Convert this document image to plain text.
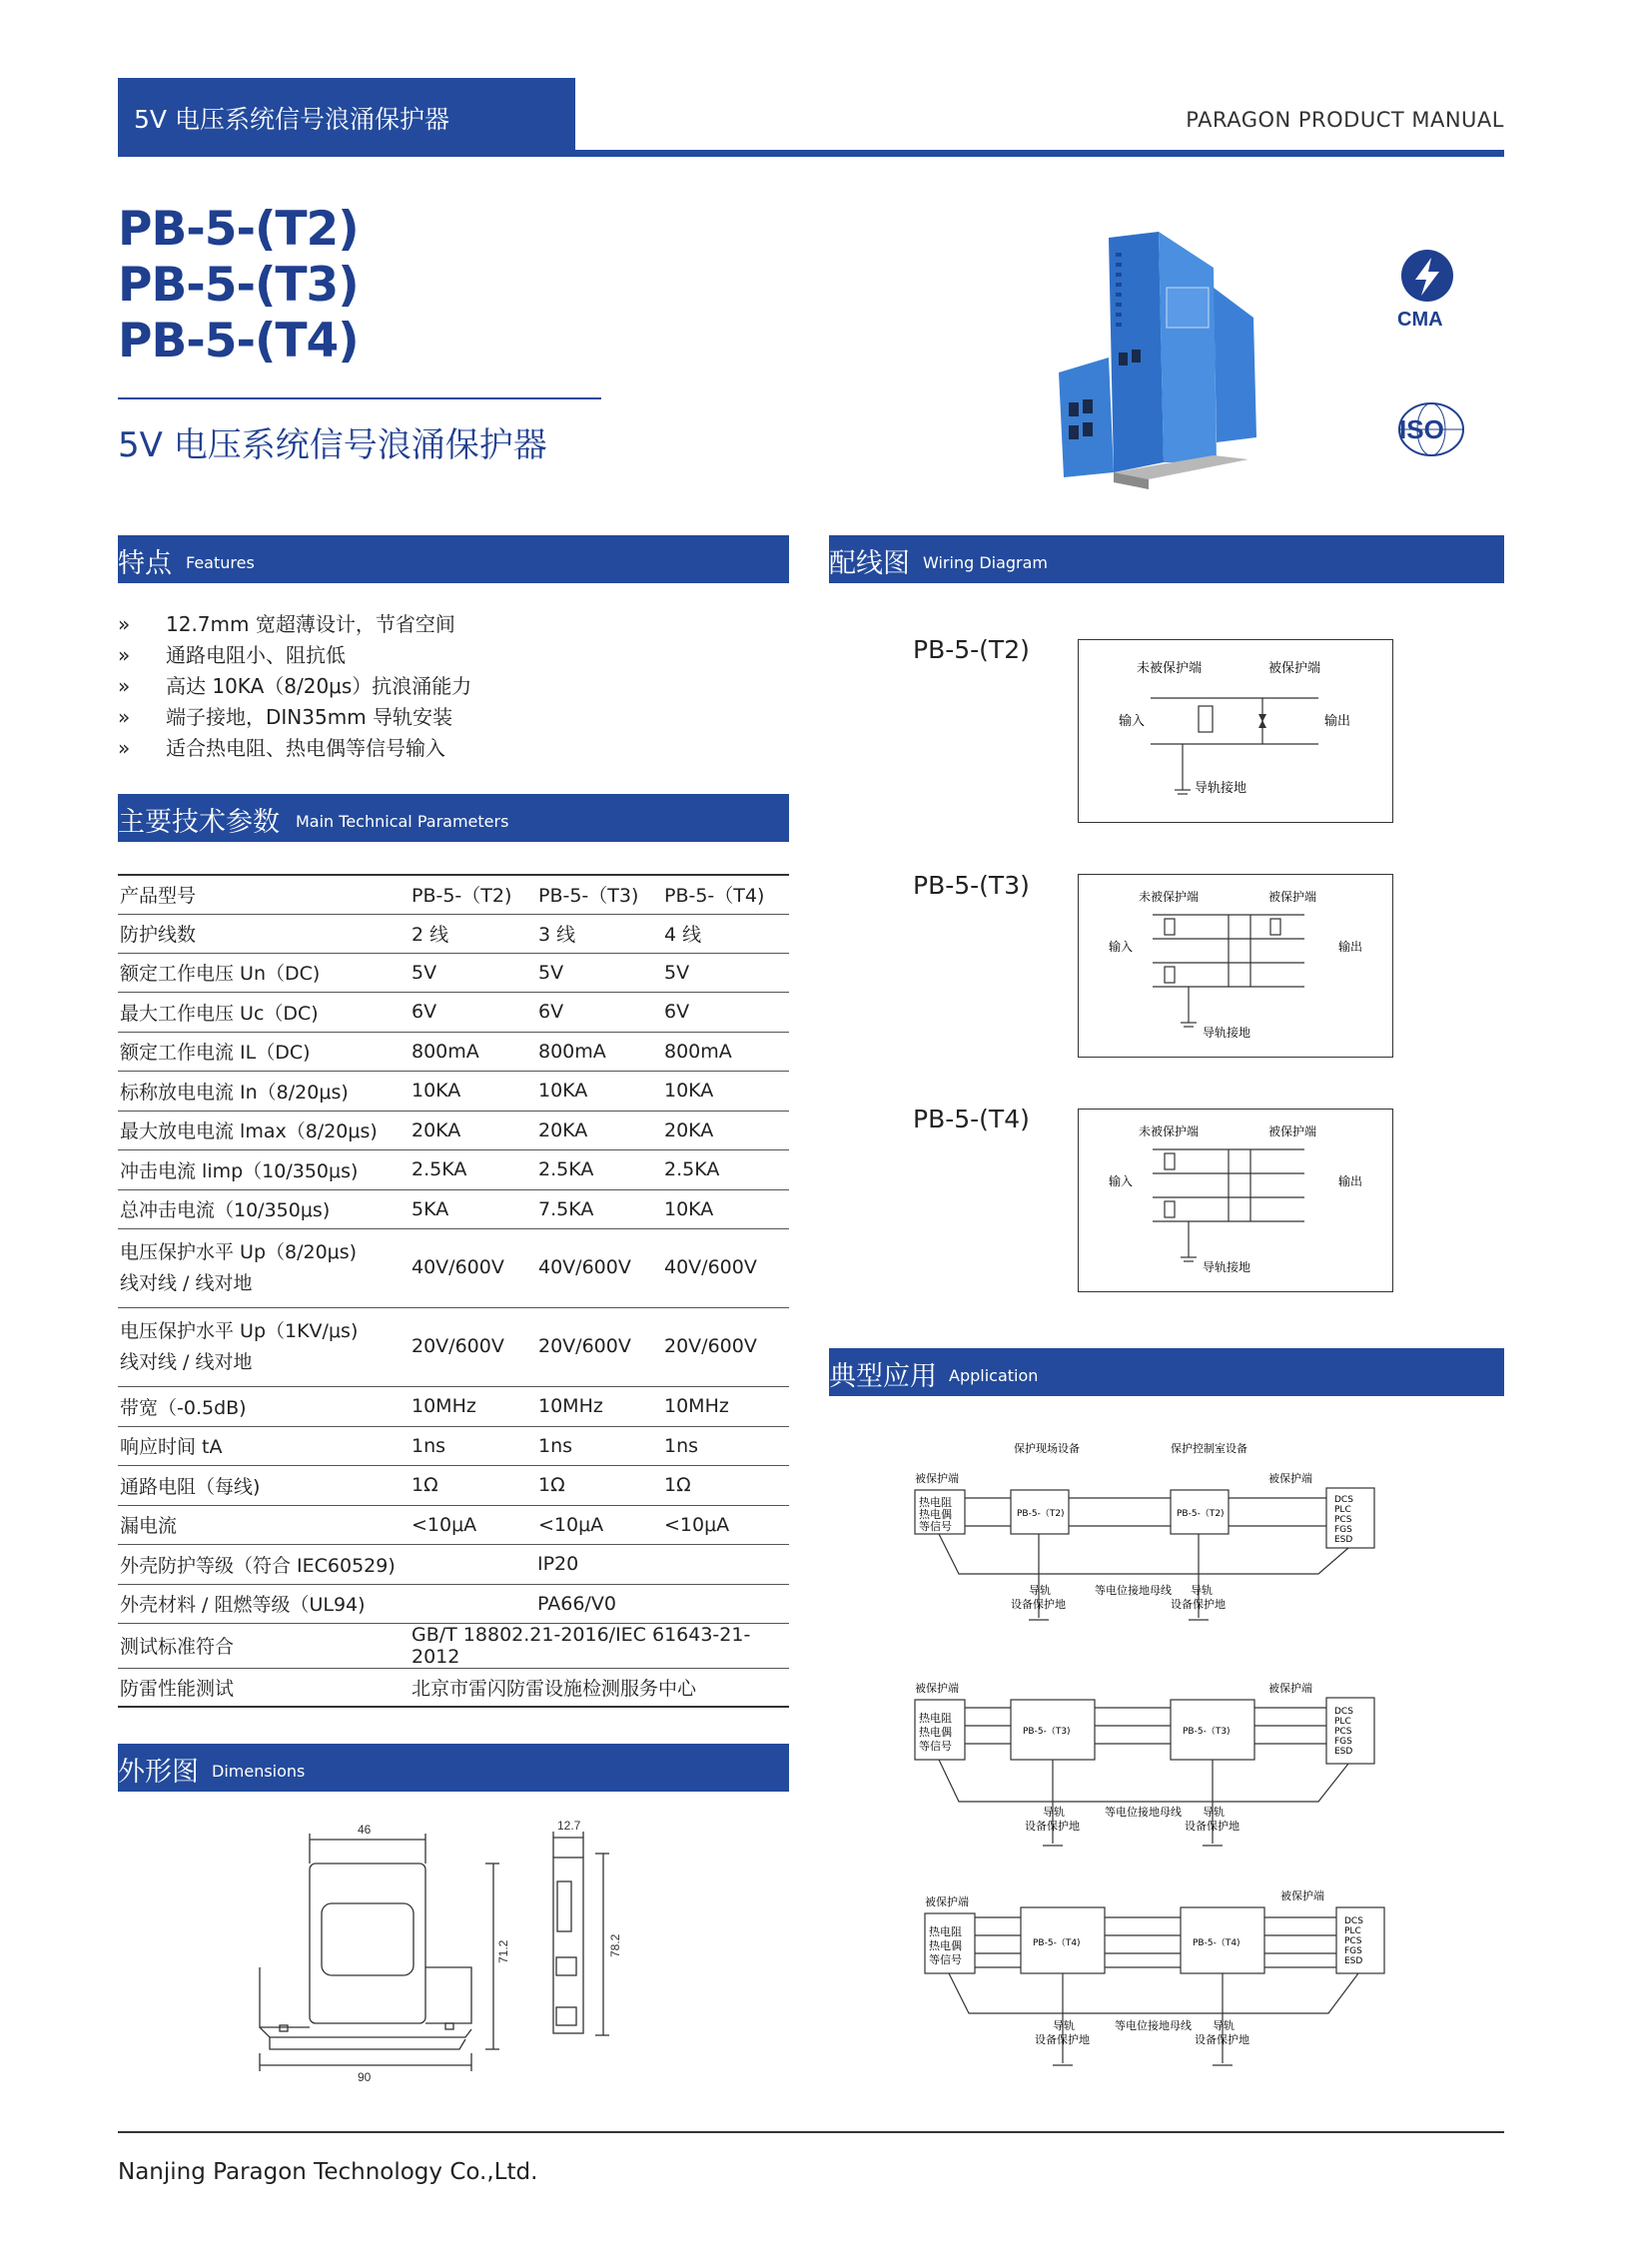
5V 电压系统信号浪涌保护器	PARAGON PRODUCT MANUAL
PB-5-(T2)
PB-5-(T3)
PB-5-(T4)
5V 电压系统信号浪涌保护器
CMA
ISO
特点 Features
»	12.7mm 宽超薄设计，节省空间
»	通路电阻小、阻抗低
»	高达 10KA（8/20μs）抗浪涌能力
»	端子接地，DIN35mm 导轨安装
»	适合热电阻、热电偶等信号输入
主要技术参数 Main Technical Parameters
产品型号	PB-5-（T2)	PB-5-（T3)	PB-5-（T4)
防护线数	2 线	3 线	4 线
额定工作电压 Un（DC)	5V	5V	5V
最大工作电压 Uc（DC)	6V	6V	6V
额定工作电流 IL（DC)	800mA	800mA	800mA
标称放电电流 In（8/20μs)	10KA	10KA	10KA
最大放电电流 lmax（8/20μs)	20KA	20KA	20KA
冲击电流 limp（10/350μs)	2.5KA	2.5KA	2.5KA
总冲击电流（10/350μs)	5KA	7.5KA	10KA

电压保护水平 Up（8/20μs)
线对线 / 线对地	40V/600V	40V/600V	40V/600V

电压保护水平 Up（1KV/μs)
线对线 / 线对地	20V/600V	20V/600V	20V/600V
带宽（-0.5dB)	10MHz	10MHz	10MHz
响应时间 tA	1ns	1ns	1ns
通路电阻（每线)	1Ω	1Ω	1Ω
漏电流	<10μA	<10μA	<10μA
外壳防护等级（符合 IEC60529)	IP20		
外壳材料 / 阻燃等级（UL94)	PA66/V0		
测试标准符合	GB/T 18802.21-2016/IEC 61643-21-2012		
防雷性能测试	北京市雷闪防雷设施检测服务中心		
外形图 Dimensions
46
90
71.2
12.7
78.2
配线图 Wiring Diagram
PB-5-(T2)
未被保护端	被保护端
输入	输出
导轨接地
PB-5-(T3)	未被保护端	被保护端
输入	输出
导轨接地
PB-5-(T4)	未被保护端	被保护端
输入	输出
导轨接地
典型应用 Application
保护现场设备	保护控制室设备
被保护端	被保护端
热电阻
热电偶
等信号
PB-5-（T2)	PB-5-（T2)
DCS
PLC
PCS
FGS
ESD
导轨
设备保护地
等电位接地母线 导轨
设备保护地
被保护端	被保护端
热电阻
热电偶
等信号
PB-5-（T3)	PB-5-（T3)
DCS
PLC
PCS
FGS
ESD
导轨
设备保护地
等电位接地母线 导轨
设备保护地
被保护端	被保护端
热电阻
热电偶
等信号
PB-5-（T4)	PB-5-（T4)
DCS
PLC
PCS
FGS
ESD
导轨
设备保护地
等电位接地母线 导轨
设备保护地
Nanjing Paragon Technology Co.,Ltd.
